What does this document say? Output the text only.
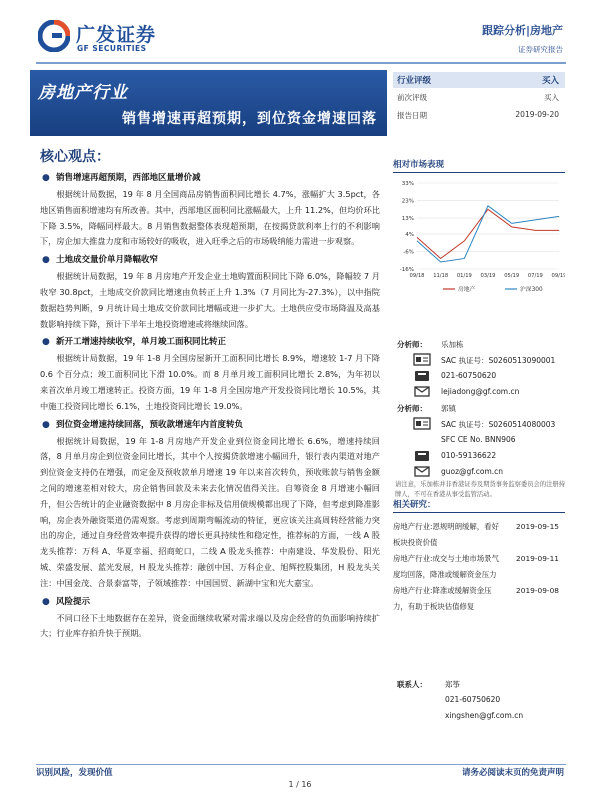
广发证券
GF SECURITIES
跟踪分析|房地产
证券研究报告
房地产行业
销售增速再超预期，到位资金增速回落
核心观点：
● 销售增速再超预期，西部地区量增价减

根据统计局数据，19 年 8 月全国商品房销售面积同比增长 4.7%，涨幅扩大 3.5pct，各地区销售面积增速均有所改善。其中，西部地区面积同比涨幅最大，上升 11.2%，但均价环比下降 3.5%，降幅同样最大。8 月销售数据整体表现超预期，在按揭贷款利率上行的不利影响下，房企加大推盘力度和市场较好的吸收，进入旺季之后的市场吸纳能力需进一步观察。

● 土地成交量价单月降幅收窄

根据统计局数据，19 年 8 月房地产开发企业土地购置面积同比下降 6.0%，降幅较 7 月收窄 30.8pct，土地成交价款同比增速由负转正上升 1.3%（7 月同比为-27.3%），以中指院数据趋势判断，9 月统计局土地成交价款同比增幅或进一步扩大。土地供应受市场降温及高基数影响持续下降，预计下半年土地投资增速或将继续回落。

● 新开工增速持续收窄，单月竣工面积同比转正

根据统计局数据，19 年 1-8 月全国房屋新开工面积同比增长 8.9%，增速较 1-7 月下降 0.6 个百分点；竣工面积同比下滑 10.0%。而 8 月单月竣工面积同比增长 2.8%，为年初以来首次单月竣工增速转正。投资方面，19 年 1-8 月全国房地产开发投资同比增长 10.5%，其中施工投资同比增长 6.1%，土地投资同比增长 19.0%。

● 到位资金增速持续回落，预收款增速年内首度转负

根据统计局数据，19 年 1-8 月房地产开发企业到位资金同比增长 6.6%，增速持续回落，8 月单月房企到位资金同比增长，其中个人按揭贷款增速小幅回升，银行表内渠道对地产到位资金支持仍在增强，而定金及预收款单月增速 19 年以来首次转负，预收账款与销售金额之间的增速差相对较大，房企销售回款及未来去化情况值得关注。自筹资金 8 月增速小幅回升，但公告统计的企业融资数据中 8 月房企非标及信用债规模都出现了下降，但考虑到降准影响，房企表外融资渠道仍需观察。考虑到周期弯幅流动的特征，更应该关注高周转经营能力突出的房企，通过自身经营效率提升获得的增长更具持续性和稳定性，推荐标的方面，一线 A 股龙头推荐：万科 A、华夏幸福、招商蛇口，二线 A 股龙头推荐：中南建设、华发股份、阳光城、荣盛发展、蓝光发展，H 股龙头推荐：融创中国、万科企业、旭辉控股集团，H 股龙头关注：中国金茂、合景泰富等，子领域推荐：中国国贸、新湖中宝和光大嘉宝。

● 风险提示

不同口径下土地数据存在差异，资金面继续收紧对需求端以及房企经营的负面影响持续扩大；行业库存拍升快于预期。

行业评级	买入
前次评级	买入
报告日期	2019-09-20
相对市场表现
33%
23%
13%
4%
-6%
-16%
09/18 11/18 01/19 03/19 05/19 07/19 09/19
房地产	沪深300
分析师： 乐加栋
SAC 执证号：S0260513090001
021-60750620
lejiadong@gf.com.cn
分析师： 郭镇
SAC 执证号：S0260514080003
SFC CE No. BNN906
010-59136622
guoz@gf.com.cn
请注意，乐加栋并非香港证券及期货事务监察委员会的注册持牌人，不可在香港从事受监管活动。
相关研究：
房地产行业:恩规明朗缓解，看好板块投资价值
2019-09-15
房地产行业:成交与土地市场景气度均回落，降准或缓解资金压力
2019-09-11
房地产行业:降准或缓解资金压力，有助于板块估值修复
2019-09-08
联系人： 郑筝
021-60750620
xingshen@gf.com.cn
识别风险，发现价值	请务必阅读末页的免责声明
1 / 16
